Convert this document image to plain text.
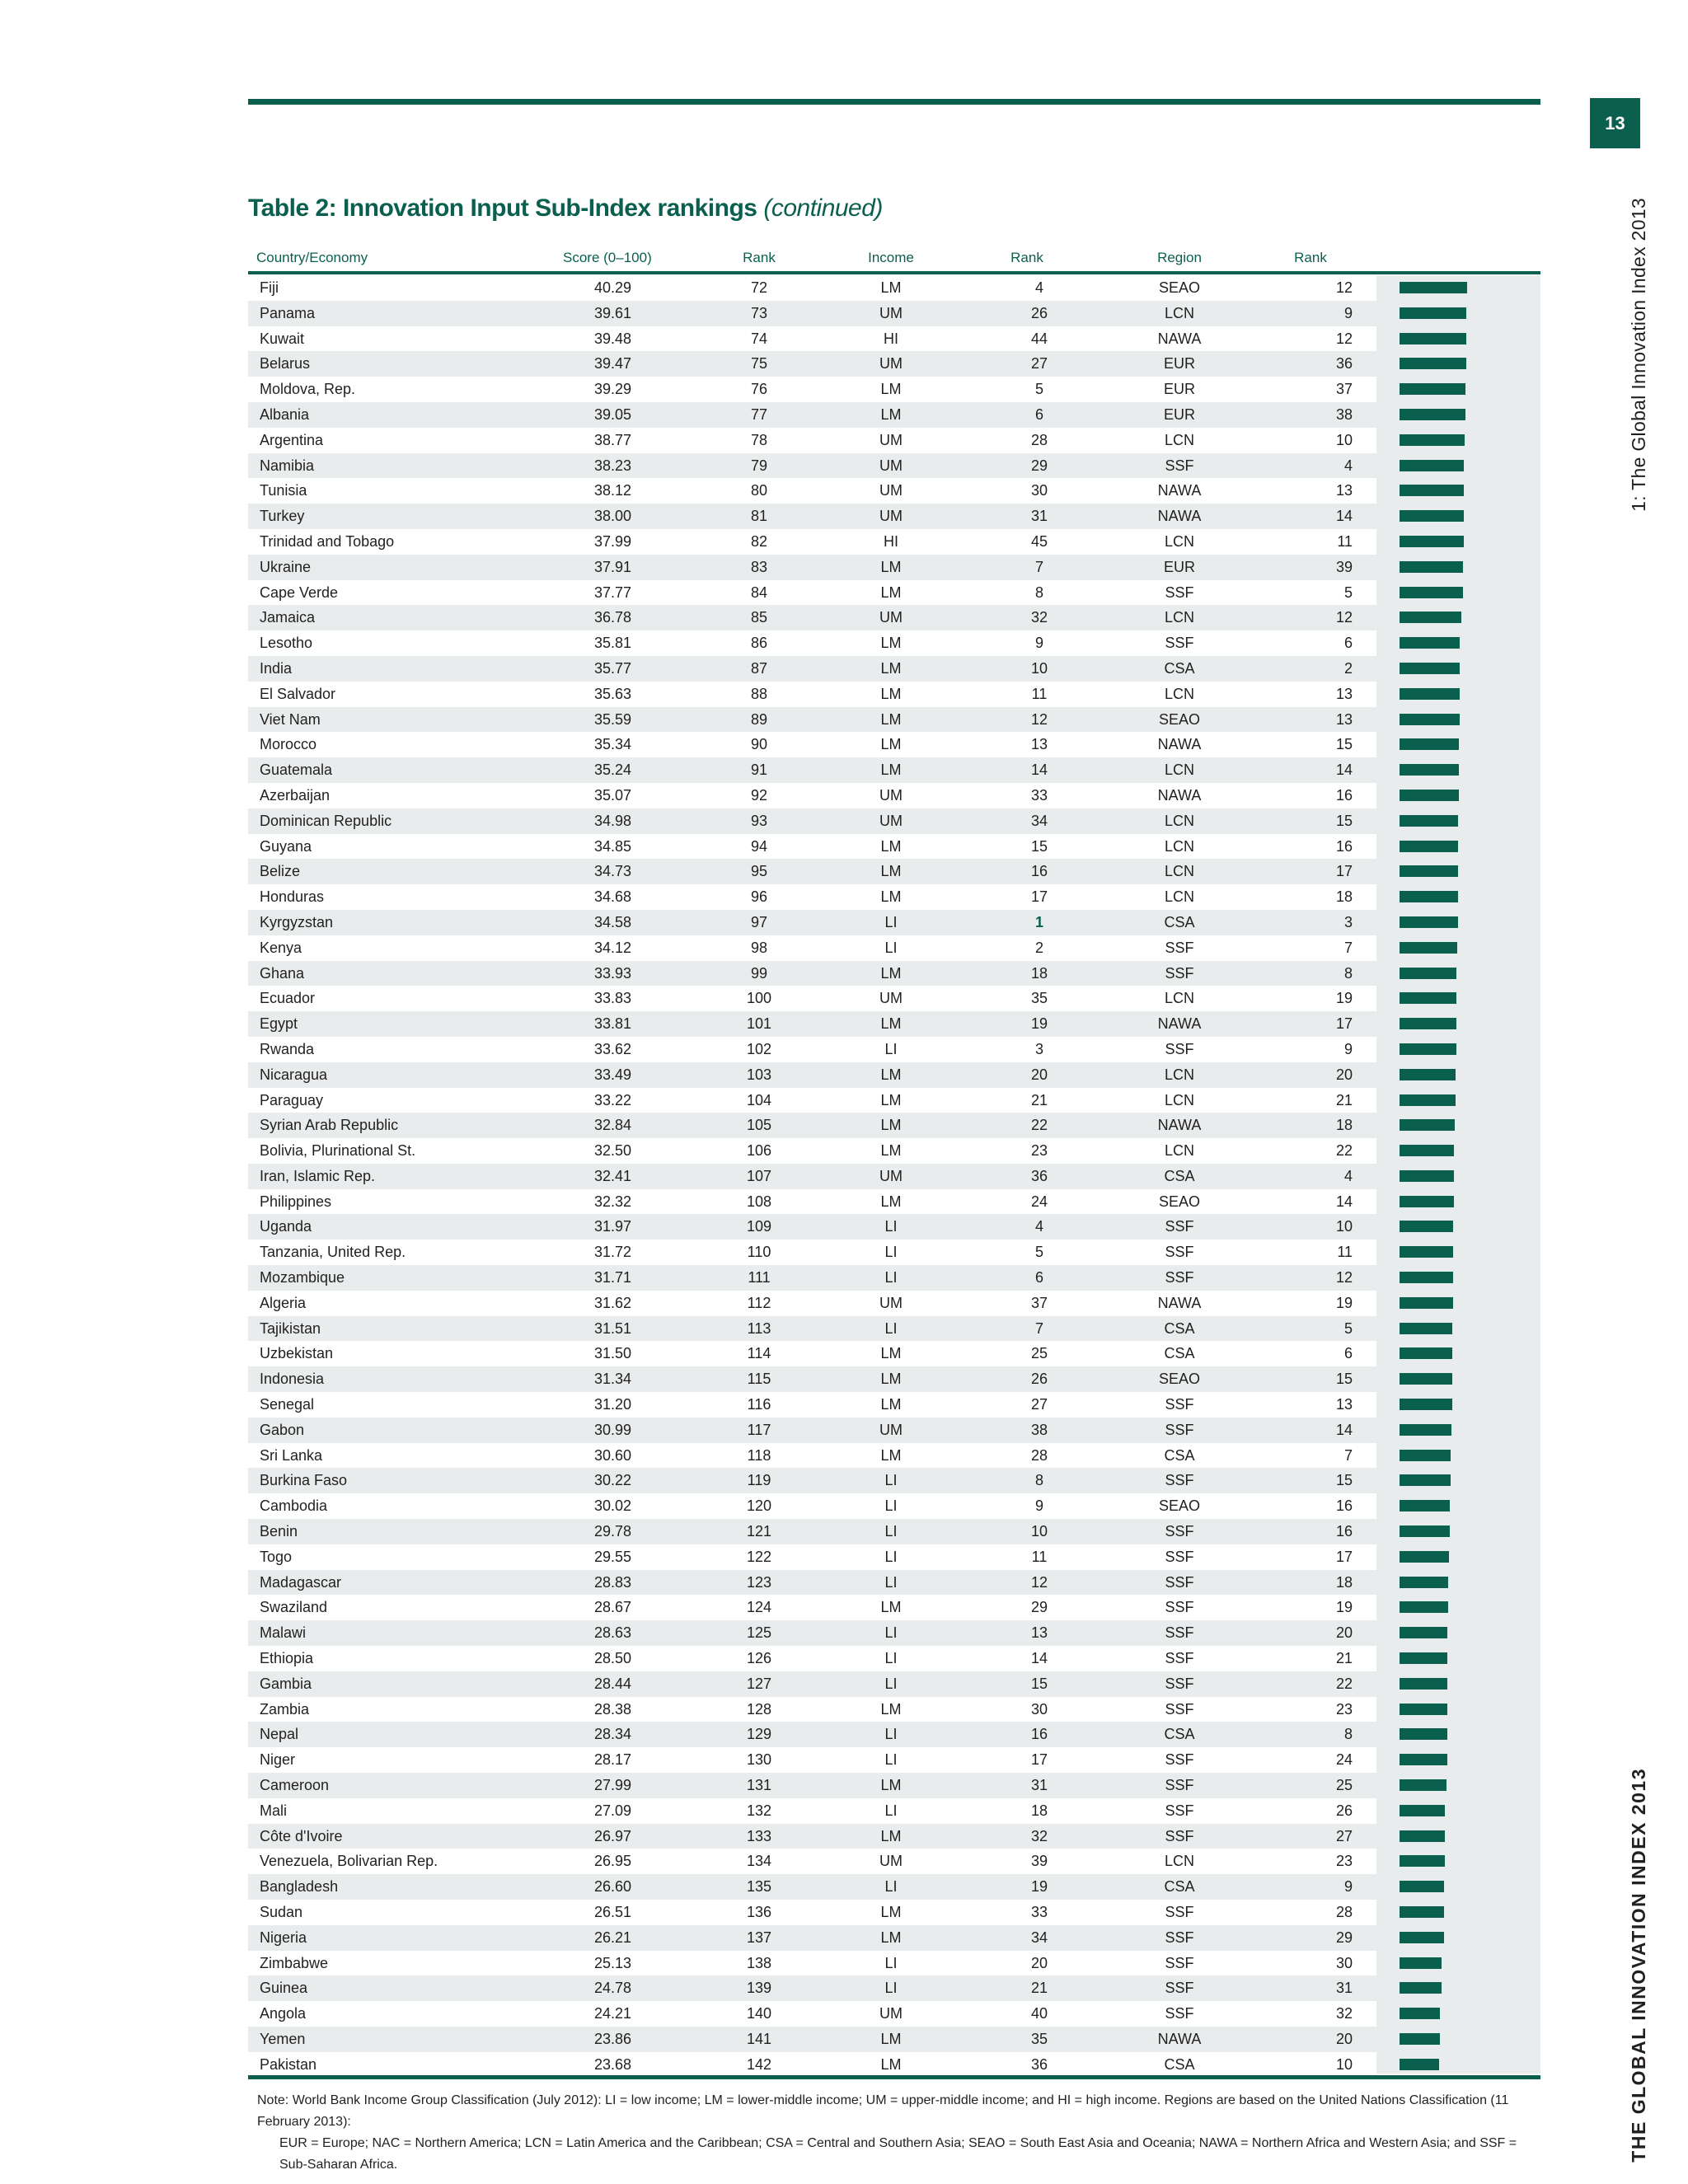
13
1: The Global Innovation Index 2013
THE GLOBAL INNOVATION INDEX 2013
Table 2: Innovation Input Sub-Index rankings (continued)
Country/Economy	Score (0–100)	Rank	Income	Rank	Region	Rank
Fiji	40.29	72	LM	4	SEAO	12
Panama	39.61	73	UM	26	LCN	9
Kuwait	39.48	74	HI	44	NAWA	12
Belarus	39.47	75	UM	27	EUR	36
Moldova, Rep.	39.29	76	LM	5	EUR	37
Albania	39.05	77	LM	6	EUR	38
Argentina	38.77	78	UM	28	LCN	10
Namibia	38.23	79	UM	29	SSF	4
Tunisia	38.12	80	UM	30	NAWA	13
Turkey	38.00	81	UM	31	NAWA	14
Trinidad and Tobago	37.99	82	HI	45	LCN	11
Ukraine	37.91	83	LM	7	EUR	39
Cape Verde	37.77	84	LM	8	SSF	5
Jamaica	36.78	85	UM	32	LCN	12
Lesotho	35.81	86	LM	9	SSF	6
India	35.77	87	LM	10	CSA	2
El Salvador	35.63	88	LM	11	LCN	13
Viet Nam	35.59	89	LM	12	SEAO	13
Morocco	35.34	90	LM	13	NAWA	15
Guatemala	35.24	91	LM	14	LCN	14
Azerbaijan	35.07	92	UM	33	NAWA	16
Dominican Republic	34.98	93	UM	34	LCN	15
Guyana	34.85	94	LM	15	LCN	16
Belize	34.73	95	LM	16	LCN	17
Honduras	34.68	96	LM	17	LCN	18
Kyrgyzstan	34.58	97	LI	1	CSA	3
Kenya	34.12	98	LI	2	SSF	7
Ghana	33.93	99	LM	18	SSF	8
Ecuador	33.83	100	UM	35	LCN	19
Egypt	33.81	101	LM	19	NAWA	17
Rwanda	33.62	102	LI	3	SSF	9
Nicaragua	33.49	103	LM	20	LCN	20
Paraguay	33.22	104	LM	21	LCN	21
Syrian Arab Republic	32.84	105	LM	22	NAWA	18
Bolivia, Plurinational St.	32.50	106	LM	23	LCN	22
Iran, Islamic Rep.	32.41	107	UM	36	CSA	4
Philippines	32.32	108	LM	24	SEAO	14
Uganda	31.97	109	LI	4	SSF	10
Tanzania, United Rep.	31.72	110	LI	5	SSF	11
Mozambique	31.71	111	LI	6	SSF	12
Algeria	31.62	112	UM	37	NAWA	19
Tajikistan	31.51	113	LI	7	CSA	5
Uzbekistan	31.50	114	LM	25	CSA	6
Indonesia	31.34	115	LM	26	SEAO	15
Senegal	31.20	116	LM	27	SSF	13
Gabon	30.99	117	UM	38	SSF	14
Sri Lanka	30.60	118	LM	28	CSA	7
Burkina Faso	30.22	119	LI	8	SSF	15
Cambodia	30.02	120	LI	9	SEAO	16
Benin	29.78	121	LI	10	SSF	16
Togo	29.55	122	LI	11	SSF	17
Madagascar	28.83	123	LI	12	SSF	18
Swaziland	28.67	124	LM	29	SSF	19
Malawi	28.63	125	LI	13	SSF	20
Ethiopia	28.50	126	LI	14	SSF	21
Gambia	28.44	127	LI	15	SSF	22
Zambia	28.38	128	LM	30	SSF	23
Nepal	28.34	129	LI	16	CSA	8
Niger	28.17	130	LI	17	SSF	24
Cameroon	27.99	131	LM	31	SSF	25
Mali	27.09	132	LI	18	SSF	26
Côte d'Ivoire	26.97	133	LM	32	SSF	27
Venezuela, Bolivarian Rep.	26.95	134	UM	39	LCN	23
Bangladesh	26.60	135	LI	19	CSA	9
Sudan	26.51	136	LM	33	SSF	28
Nigeria	26.21	137	LM	34	SSF	29
Zimbabwe	25.13	138	LI	20	SSF	30
Guinea	24.78	139	LI	21	SSF	31
Angola	24.21	140	UM	40	SSF	32
Yemen	23.86	141	LM	35	NAWA	20
Pakistan	23.68	142	LM	36	CSA	10
Note: World Bank Income Group Classification (July 2012): LI = low income; LM = lower-middle income; UM = upper-middle income; and HI = high income. Regions are based on the United Nations Classification (11 February 2013):
EUR = Europe; NAC = Northern America; LCN = Latin America and the Caribbean; CSA = Central and Southern Asia; SEAO = South East Asia and Oceania; NAWA = Northern Africa and Western Asia; and SSF = Sub-Saharan Africa.
